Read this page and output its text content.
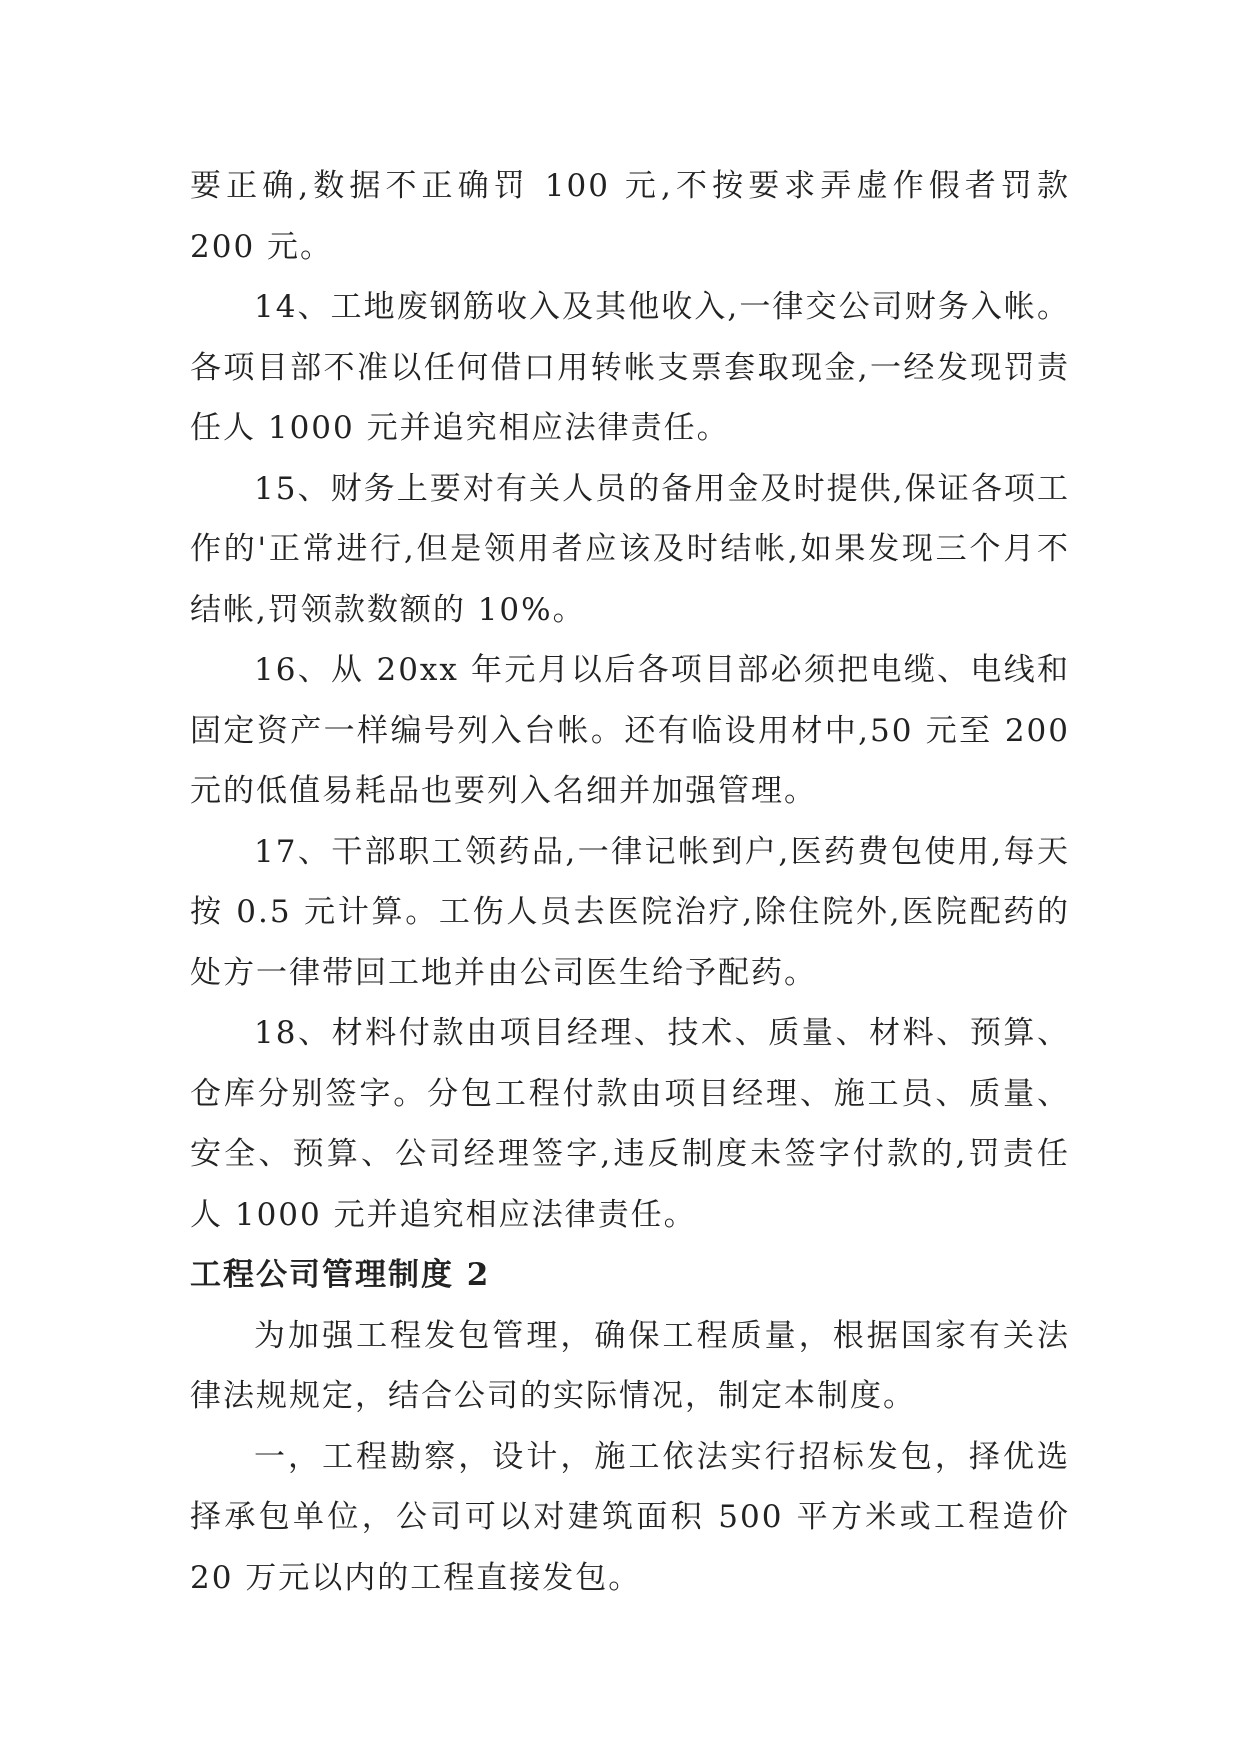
要正确,数据不正确罚 100 元,不按要求弄虚作假者罚款 200 元。

14、工地废钢筋收入及其他收入,一律交公司财务入帐。各项目部不准以任何借口用转帐支票套取现金,一经发现罚责任人 1000 元并追究相应法律责任。

15、财务上要对有关人员的备用金及时提供,保证各项工作的'正常进行,但是领用者应该及时结帐,如果发现三个月不结帐,罚领款数额的 10%。

16、从 20xx 年元月以后各项目部必须把电缆、电线和固定资产一样编号列入台帐。还有临设用材中,50 元至 200 元的低值易耗品也要列入名细并加强管理。

17、干部职工领药品,一律记帐到户,医药费包使用,每天按 0.5 元计算。工伤人员去医院治疗,除住院外,医院配药的处方一律带回工地并由公司医生给予配药。

18、材料付款由项目经理、技术、质量、材料、预算、仓库分别签字。分包工程付款由项目经理、施工员、质量、安全、预算、公司经理签字,违反制度未签字付款的,罚责任人 1000 元并追究相应法律责任。

工程公司管理制度 2

为加强工程发包管理，确保工程质量，根据国家有关法律法规规定，结合公司的实际情况，制定本制度。

一，工程勘察，设计，施工依法实行招标发包，择优选择承包单位，公司可以对建筑面积 500 平方米或工程造价 20 万元以内的工程直接发包。
